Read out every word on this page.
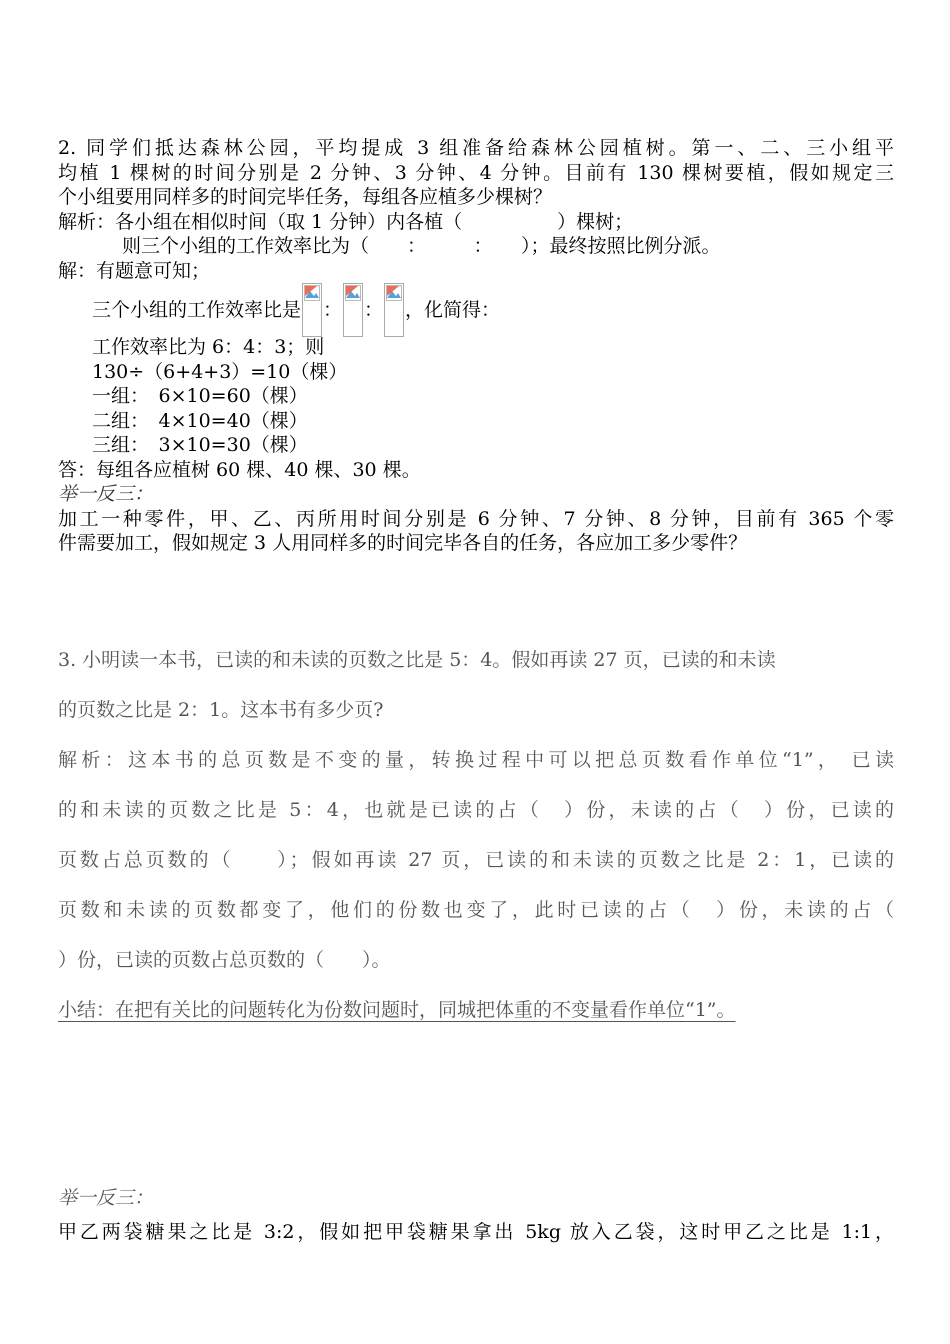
2. 同学们抵达森林公园，平均提成 3 组准备给森林公园植树。第一、二、三小组平
均植 1 棵树的时间分别是 2 分钟、3 分钟、4 分钟。目前有 130 棵树要植，假如规定三
个小组要用同样多的时间完毕任务，每组各应植多少棵树？
解析：各小组在相似时间（取 1 分钟）内各植（　　　　　）棵树；
则三个小组的工作效率比为（　　：　　　：　　）；最终按照比例分派。
解：有题意可知；
三个小组的工作效率比是 ： ： ，化简得：
工作效率比为 6：4：3；则
130÷（6+4+3）=10（棵）
一组：　6×10=60（棵）
二组：　4×10=40（棵）
三组：　3×10=30（棵）
答：每组各应植树 60 棵、40 棵、30 棵。
举一反三：
加工一种零件，甲、乙、丙所用时间分别是 6 分钟、7 分钟、8 分钟，目前有 365 个零
件需要加工，假如规定 3 人用同样多的时间完毕各自的任务，各应加工多少零件？
3. 小明读一本书，已读的和未读的页数之比是 5：4。假如再读 27 页，已读的和未读
的页数之比是 2：1。这本书有多少页?
解析：这本书的总页数是不变的量，转换过程中可以把总页数看作单位“1”， 已读
的和未读的页数之比是 5：4，也就是已读的占（　）份，未读的占（　）份，已读的
页数占总页数的（　　）；假如再读 27 页，已读的和未读的页数之比是 2：1，已读的
页数和未读的页数都变了，他们的份数也变了，此时已读的占（　）份，未读的占（
）份，已读的页数占总页数的（　　）。
小结：在把有关比的问题转化为份数问题时，同城把体重的不变量看作单位“1”。
举一反三：
甲乙两袋糖果之比是 3:2，假如把甲袋糖果拿出 5kg 放入乙袋，这时甲乙之比是 1:1，
